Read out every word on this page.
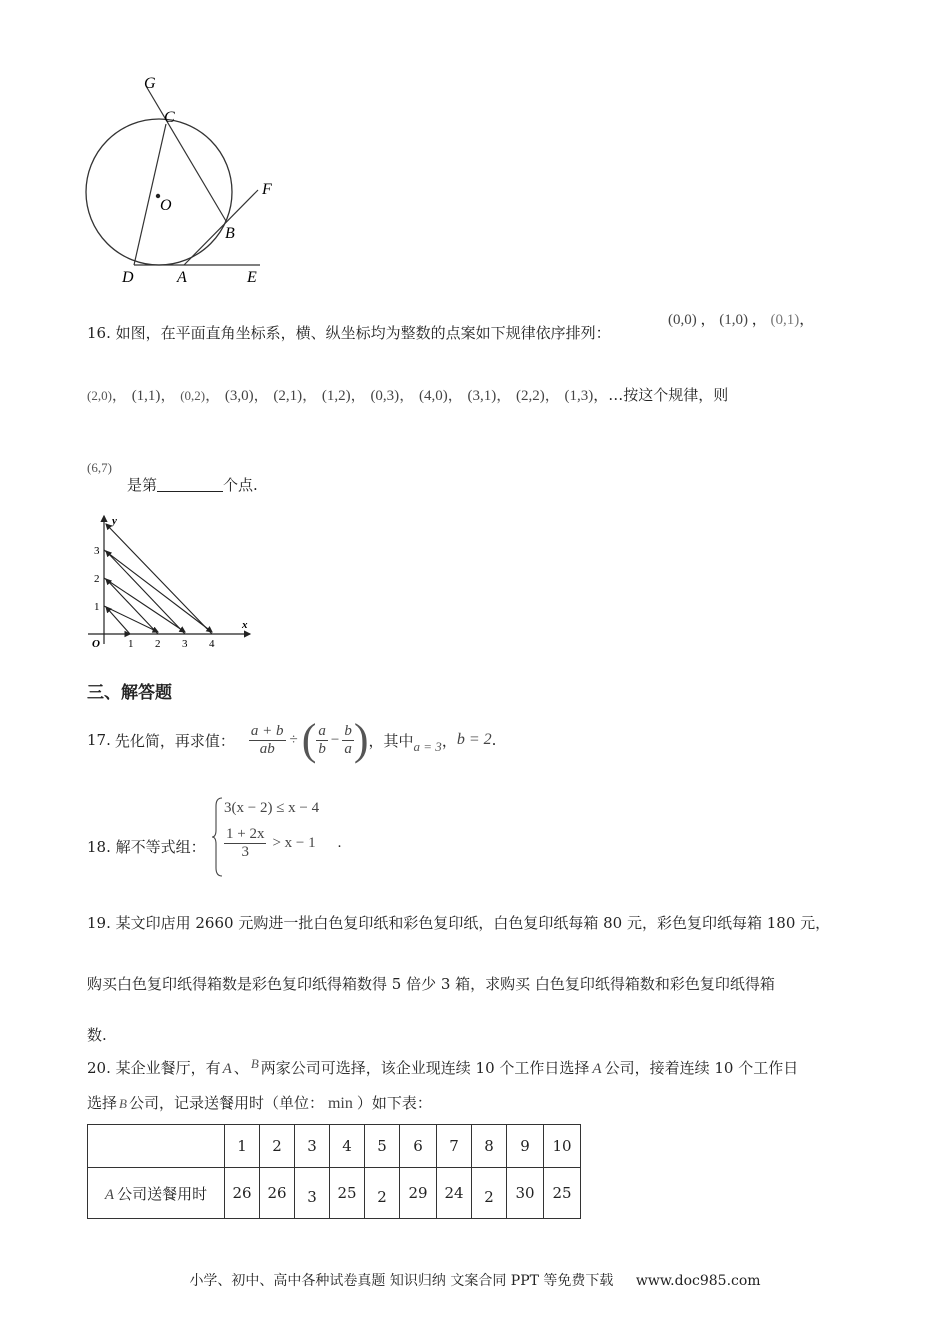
G
C
O
F
B
D	A	E
16. 如图，在平面直角坐标系，横、纵坐标均为整数的点案如下规律依序排列：
(0,0) ， (1,0) ， (0,1)，
(2,0)， (1,1)， (0,2)， (3,0)， (2,1)， (1,2)， (0,3)， (4,0)， (3,1)， (2,2)， (1,3)，…按这个规律，则
(6,7)
是第	个点.
y
x
O	1 2 3 4
1
2
3
三、解答题
17. 先化简，再求值： $\frac{a + b}{ab}$ ÷ ( $\frac{a}{b} - \frac{b}{a}$ ) ，其中 a = 3 ， b = 2 .
18. 解不等式组：
3(x − 2) ≤ x − 4
$\frac{1 + 2x}{3} > x - 1$ .
19. 某文印店用 2660 元购进一批白色复印纸和彩色复印纸，白色复印纸每箱 80 元，彩色复印纸每箱 180 元，
购买白色复印纸得箱数是彩色复印纸得箱数得 5 倍少 3 箱，求购买 白色复印纸得箱数和彩色复印纸得箱
数.
20. 某企业餐厅，有 A 、 B 两家公司可选择，该企业现连续 10 个工作日选择 A 公司，接着连续 10 个工作日
选择 B 公司，记录送餐用时（单位： min ）如下表：
	1	2	3	4	5	6	7	8	9	10
A 公司送餐用时	26	26	3	25	2	29	24	2	30	25
小学、初中、高中各种试卷真题 知识归纳 文案合同 PPT 等免费下载 www.doc985.com
